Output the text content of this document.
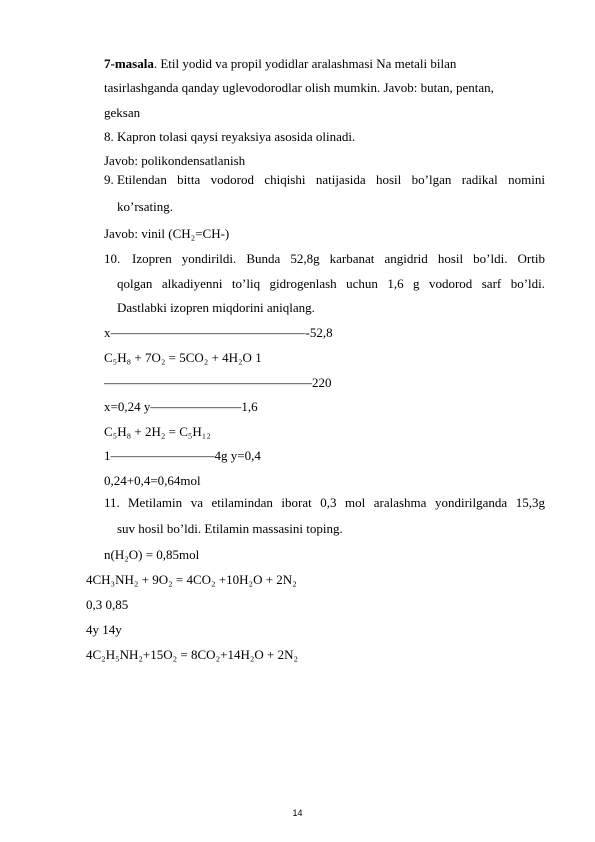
7-masala. Etil yodid va propil yodidlar aralashmasi Na metali bilan
tasirlashganda qanday uglevodorodlar olish mumkin. Javob: butan, pentan,
geksan
8. Kapron tolasi qaysi reyaksiya asosida olinadi.
Javob: polikondensatlanish
9. Etilendan bitta vodorod chiqishi natijasida hosil bo’lgan radikal nomini
ko’rsating.
Javob: vinil (CH₂=CH-)
10. Izopren yondirildi. Bunda 52,8g karbanat angidrid hosil bo’ldi. Ortib
qolgan alkadiyenni to’liq gidrogenlash uchun 1,6 g vodorod sarf bo’ldi.
Dastlabki izopren miqdorini aniqlang.
x———————————————-52,8
C₅H₈ + 7O₂ = 5CO₂ + 4H₂O 1
————————————————220
x=0,24 y———————1,6
C₅H₈ + 2H₂ = C₅H₁₂
1————————4g y=0,4
0,24+0,4=0,64mol
11. Metilamin va etilamindan iborat 0,3 mol aralashma yondirilganda 15,3g
suv hosil bo’ldi. Etilamin massasini toping.
n(H₂O) = 0,85mol
4CH₃NH₂ + 9O₂ = 4CO₂ +10H₂O + 2N₂
0,3 0,85
4y 14y
4C₂H₅NH₂+15O₂ = 8CO₂+14H₂O + 2N₂
14
